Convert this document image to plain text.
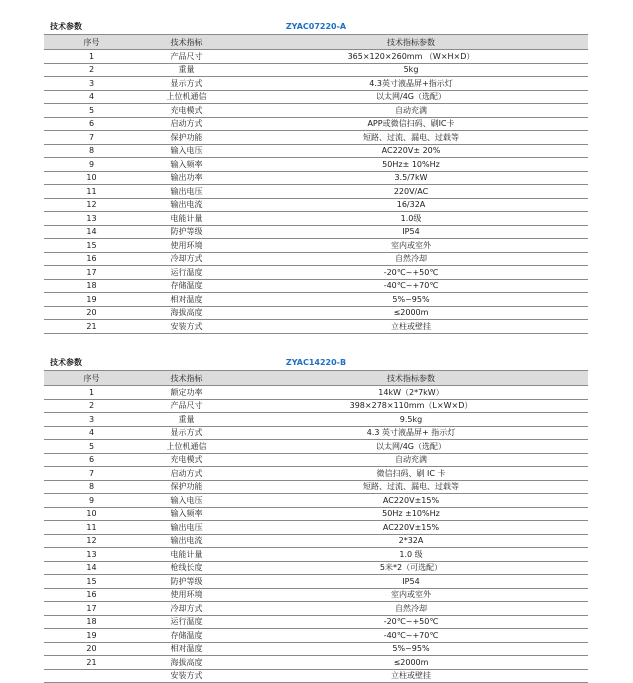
ZYAC07220-A
技术参数
序号	技术指标	技术指标参数
1	产品尺寸	365×120×260mm （W×H×D）
2	重量	5kg
3	显示方式	4.3英寸液晶屏+指示灯
4	上位机通信	以太网/4G（选配）
5	充电模式	自动充满
6	启动方式	APP或微信扫码、刷IC卡
7	保护功能	短路、过流、漏电、过载等
8	输入电压	AC220V± 20%
9	输入频率	50Hz± 10%Hz
10	输出功率	3.5/7kW
11	输出电压	220V/AC
12	输出电流	16/32A
13	电能计量	1.0级
14	防护等级	IP54
15	使用环境	室内或室外
16	冷却方式	自然冷却
17	运行温度	-20℃~+50℃
18	存储温度	-40℃~+70℃
19	相对温度	5%~95%
20	海拔高度	≤2000m
21	安装方式	立柱或壁挂
ZYAC14220-B
技术参数
序号	技术指标	技术指标参数
1	额定功率	14kW（2*7kW）
2	产品尺寸	398×278×110mm（L×W×D）
3	重量	9.5kg
4	显示方式	4.3 英寸液晶屏+ 指示灯
5	上位机通信	以太网/4G（选配）
6	充电模式	自动充满
7	启动方式	微信扫码、刷 IC 卡
8	保护功能	短路、过流、漏电、过载等
9	输入电压	AC220V±15%
10	输入频率	50Hz ±10%Hz
11	输出电压	AC220V±15%
12	输出电流	2*32A
13	电能计量	1.0 级
14	枪线长度	5米*2（可选配）
15	防护等级	IP54
16	使用环境	室内或室外
17	冷却方式	自然冷却
18	运行温度	-20℃~+50℃
19	存储温度	-40℃~+70℃
20	相对温度	5%~95%
21	海拔高度	≤2000m
	安装方式	立柱或壁挂
